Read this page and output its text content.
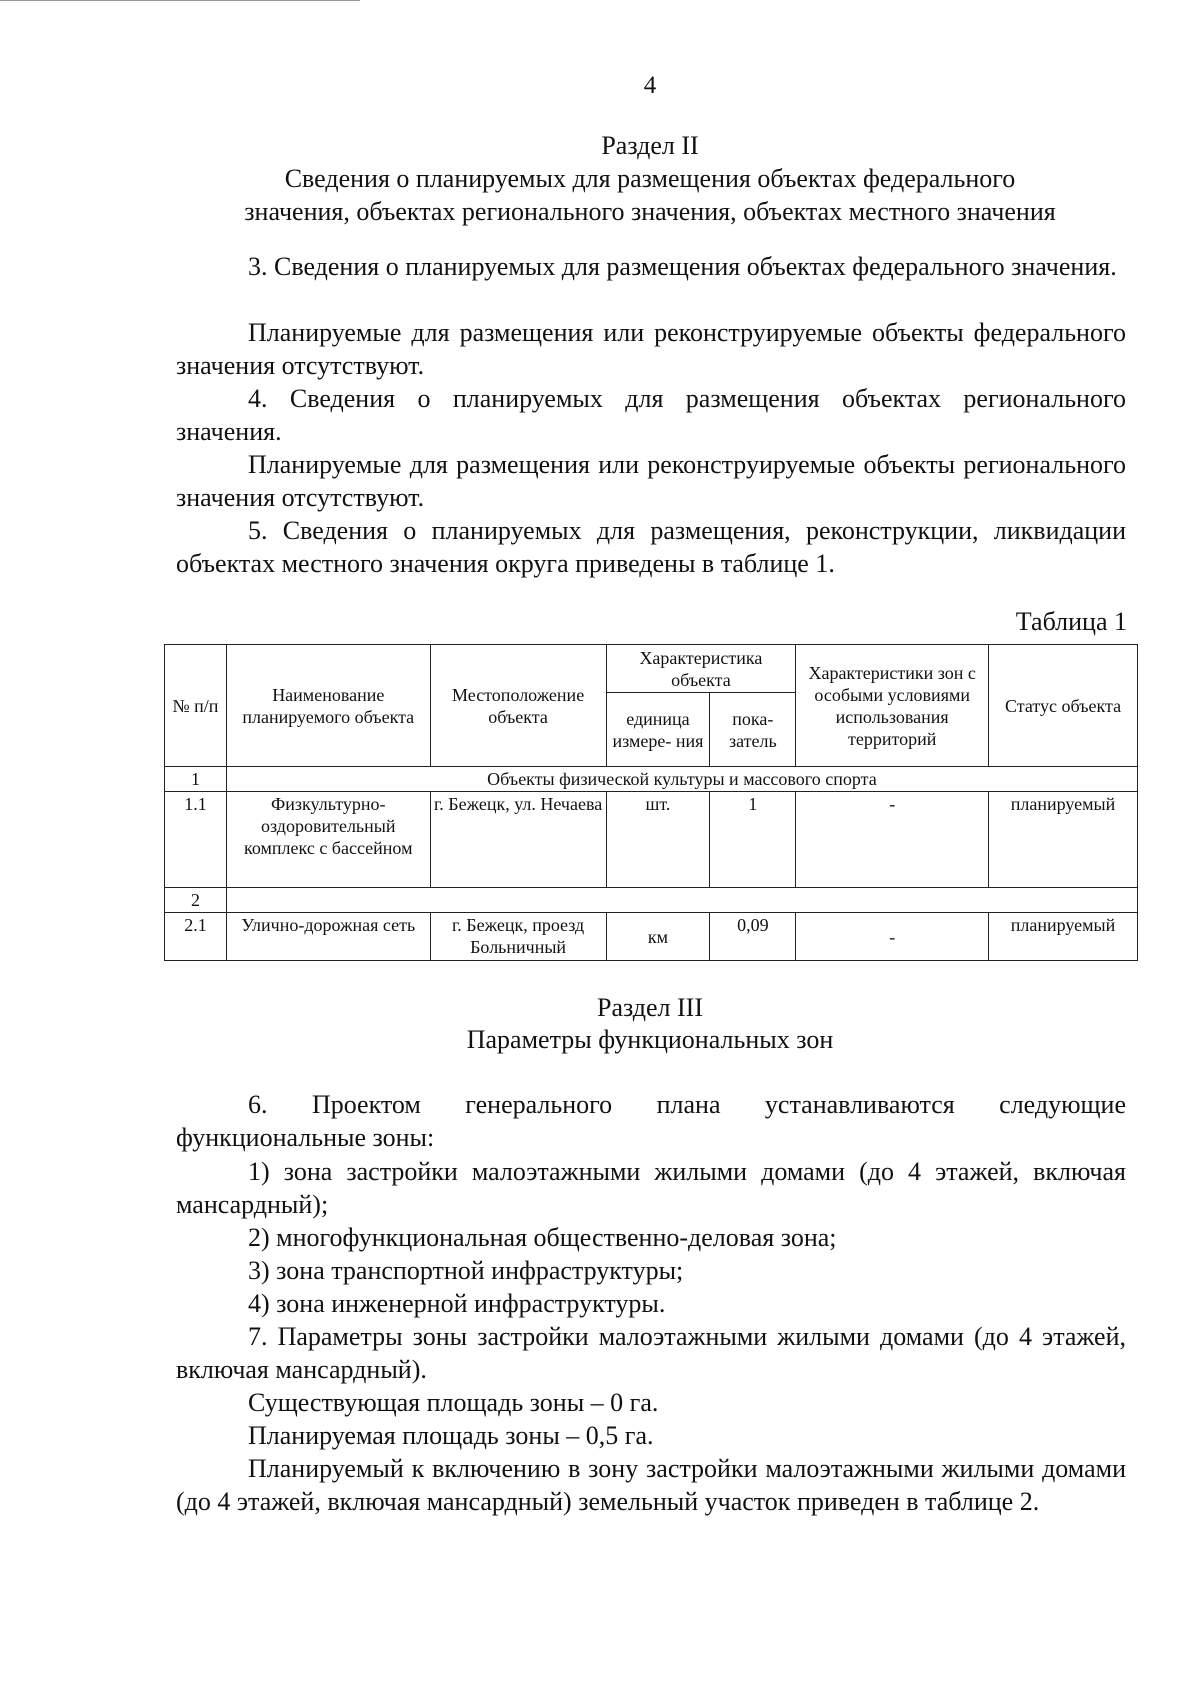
4
Раздел II
Сведения о планируемых для размещения объектах федерального
значения, объектах регионального значения, объектах местного значения
3. Сведения о планируемых для размещения объектах федерального значения.
Планируемые для размещения или реконструируемые объекты федерального значения отсутствуют.
4. Сведения о планируемых для размещения объектах регионального значения.
Планируемые для размещения или реконструируемые объекты регионального значения отсутствуют.
5. Сведения о планируемых для размещения, реконструкции, ликвидации объектах местного значения округа приведены в таблице 1.
Таблица 1
№ п/п	Наименование планируемого объекта	Местоположение объекта	Характеристика объекта		Характеристики зон с особыми условиями использования территорий	Статус объекта
			единица измере- ния	пока- затель		
1	Объекты физической культуры и массового спорта					
1.1	Физкультурно-оздоровительный комплекс с бассейном	г. Бежецк, ул. Нечаева	шт.	1	-	планируемый
2						
2.1	Улично-дорожная сеть	г. Бежецк, проезд Больничный	км	0,09	-	планируемый
Раздел III
Параметры функциональных зон
6. Проектом генерального плана устанавливаются следующие функциональные зоны:
1) зона застройки малоэтажными жилыми домами (до 4 этажей, включая мансардный);
2) многофункциональная общественно-деловая зона;
3) зона транспортной инфраструктуры;
4) зона инженерной инфраструктуры.
7. Параметры зоны застройки малоэтажными жилыми домами (до 4 этажей, включая мансардный).
Существующая площадь зоны – 0 га.
Планируемая площадь зоны – 0,5 га.
Планируемый к включению в зону застройки малоэтажными жилыми домами (до 4 этажей, включая мансардный) земельный участок приведен в таблице 2.
